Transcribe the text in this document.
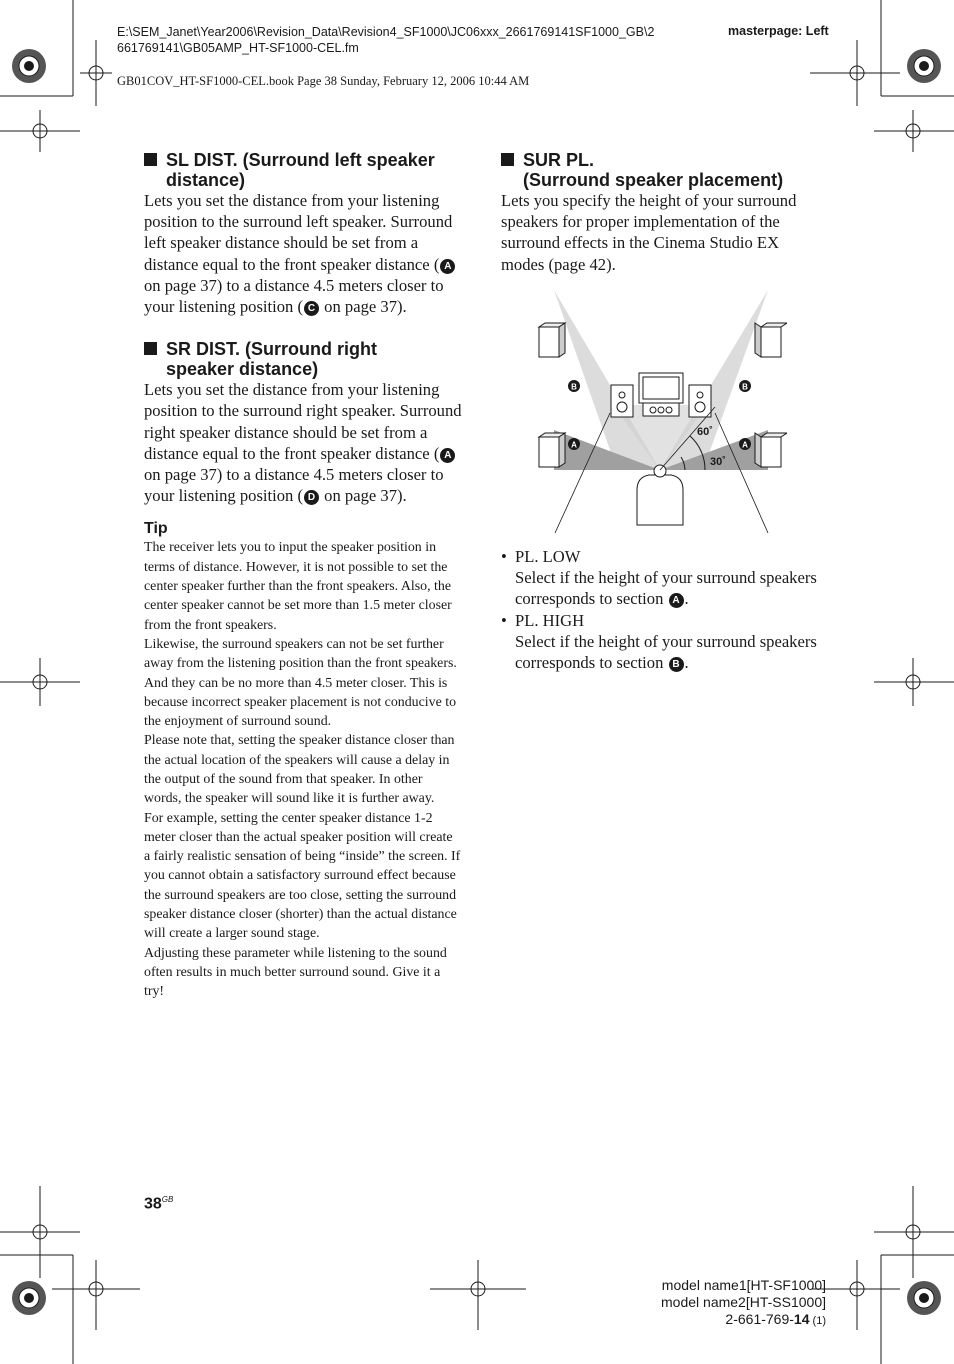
E:\SEM_Janet\Year2006\Revision_Data\Revision4_SF1000\JC06xxx_2661769141SF1000_GB\2
661769141\GB05AMP_HT-SF1000-CEL.fm
masterpage: Left
GB01COV_HT-SF1000-CEL.book Page 38 Sunday, February 12, 2006 10:44 AM
SL DIST. (Surround left speaker
distance)

Lets you set the distance from your listening position to the surround left speaker. Surround left speaker distance should be set from a distance equal to the front speaker distance ( A on page 37) to a distance 4.5 meters closer to your listening position ( C on page 37).

SR DIST. (Surround right
speaker distance)

Lets you set the distance from your listening position to the surround right speaker. Surround right speaker distance should be set from a distance equal to the front speaker distance ( A on page 37) to a distance 4.5 meters closer to your listening position ( D on page 37).

Tip

The receiver lets you to input the speaker position in terms of distance. However, it is not possible to set the center speaker further than the front speakers. Also, the center speaker cannot be set more than 1.5 meter closer from the front speakers.

Likewise, the surround speakers can not be set further away from the listening position than the front speakers. And they can be no more than 4.5 meter closer. This is because incorrect speaker placement is not conducive to the enjoyment of surround sound.

Please note that, setting the speaker distance closer than the actual location of the speakers will cause a delay in the output of the sound from that speaker. In other words, the speaker will sound like it is further away.

For example, setting the center speaker distance 1-2 meter closer than the actual speaker position will create a fairly realistic sensation of being “inside” the screen. If you cannot obtain a satisfactory surround effect because the surround speakers are too close, setting the surround speaker distance closer (shorter) than the actual distance will create a larger sound stage.

Adjusting these parameter while listening to the sound often results in much better surround sound. Give it a try!

SUR PL.
(Surround speaker placement)

Lets you specify the height of your surround speakers for proper implementation of the surround effects in the Cinema Studio EX modes (page 42).

B	B
A	A
60˚
30˚
• PL. LOW
Select if the height of your surround speakers corresponds to section A .
• PL. HIGH
Select if the height of your surround speakers corresponds to section B .
$38^{GB}$
model name1[HT-SF1000]
model name2[HT-SS1000]
2-661-769-14 (1)
